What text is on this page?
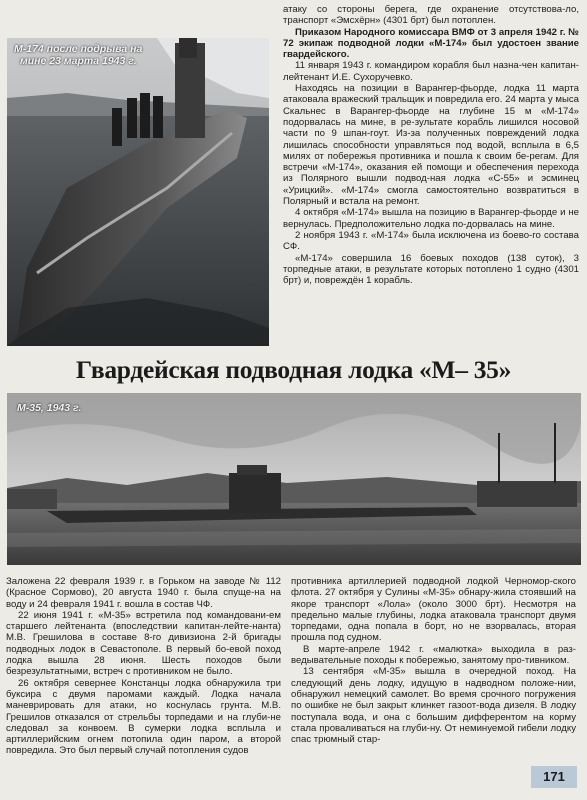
М-174 после подрыва на
мине 23 марта 1943 г.

атаку со стороны берега, где охранение отсутствова-ло, транспорт «Эмсхёрн» (4301 брт) был потоплен.

Приказом Народного комиссара ВМФ от 3 апреля 1942 г. № 72 экипаж подводной лодки «М-174» был удостоен звание гвардейского.

11 января 1943 г. командиром корабля был назна-чен капитан-лейтенант И.Е. Сухоручевко.

Находясь на позиции в Варангер-фьорде, лодка 11 марта атаковала вражеский тральщик и повредила его. 24 марта у мыса Скальнес в Варангер-фьорде на глубине 15 м «М-174» подорвалась на мине, в ре-зультате корабль лишился носовой части по 9 шпан-гоут. Из-за полученных повреждений лодка лишилась способности управляться под водой, всплыла в 6,5 милях от побережья противника и пошла к своим бе-регам. Для встречи «М-174», оказания ей помощи и обеспечения перехода из Полярного вышли подвод-ная лодка «С-55» и эсминец «Урицкий». «М-174» смогла самостоятельно возвратиться в Полярный и встала на ремонт.

4 октября «М-174» вышла на позицию в Варангер-фьорде и не вернулась. Предположительно лодка по-дорвалась на мине.

2 ноября 1943 г. «М-174» была исключена из боево-го состава СФ.

«М-174» совершила 16 боевых походов (138 суток), 3 торпедные атаки, в результате которых потоплено 1 судно (4301 брт) и, повреждён 1 корабль.

Гвардейская подводная лодка «М– 35»
М-35, 1943 г.

Заложена 22 февраля 1939 г. в Горьком на заводе № 112 (Красное Сормово), 20 августа 1940 г. была спуще-на на воду и 24 февраля 1941 г. вошла в состав ЧФ.

22 июня 1941 г. «М-35» встретила под командовани-ем старшего лейтенанта (впоследствии капитан-лейте-нанта) М.В. Грешилова в составе 8-го дивизиона 2-й бригады подводных лодок в Севастополе. В первый бо-евой поход лодка вышла 28 июня. Шесть походов были безрезультатными, встреч с противником не было.

26 октября севернее Констанцы лодка обнаружила три буксира с двумя паромами каждый. Лодка начала маневрировать для атаки, но коснулась грунта. М.В. Грешилов отказался от стрельбы торпедами и на глуби-не следовал за конвоем. В сумерки лодка всплыла и артиллерийским огнем потопила один паром, а второй повредила. Это был первый случай потопления судов

противника артиллерией подводной лодкой Черномор-ского флота. 27 октября у Сулины «М-35» обнару-жила стоявший на якоре транспорт «Лола» (около 3000 брт). Несмотря на предельно малые глубины, лодка атаковала транспорт двумя торпедами, одна попала в борт, но не взорвалась, вторая прошла под судном.

В марте-апреле 1942 г. «малютка» выходила в раз-ведывательные походы к побережью, занятому про-тивником.

13 сентября «М-35» вышла в очередной поход. На следующий день лодку, идущую в надводном положе-нии, обнаружил немецкий самолет. Во время срочного погружения по ошибке не был закрыт клинкет газоот-вода дизеля. В лодку поступала вода, и она с большим дифферентом на корму стала проваливаться на глуби-ну. От неминуемой гибели лодку спас трюмный стар-

171
